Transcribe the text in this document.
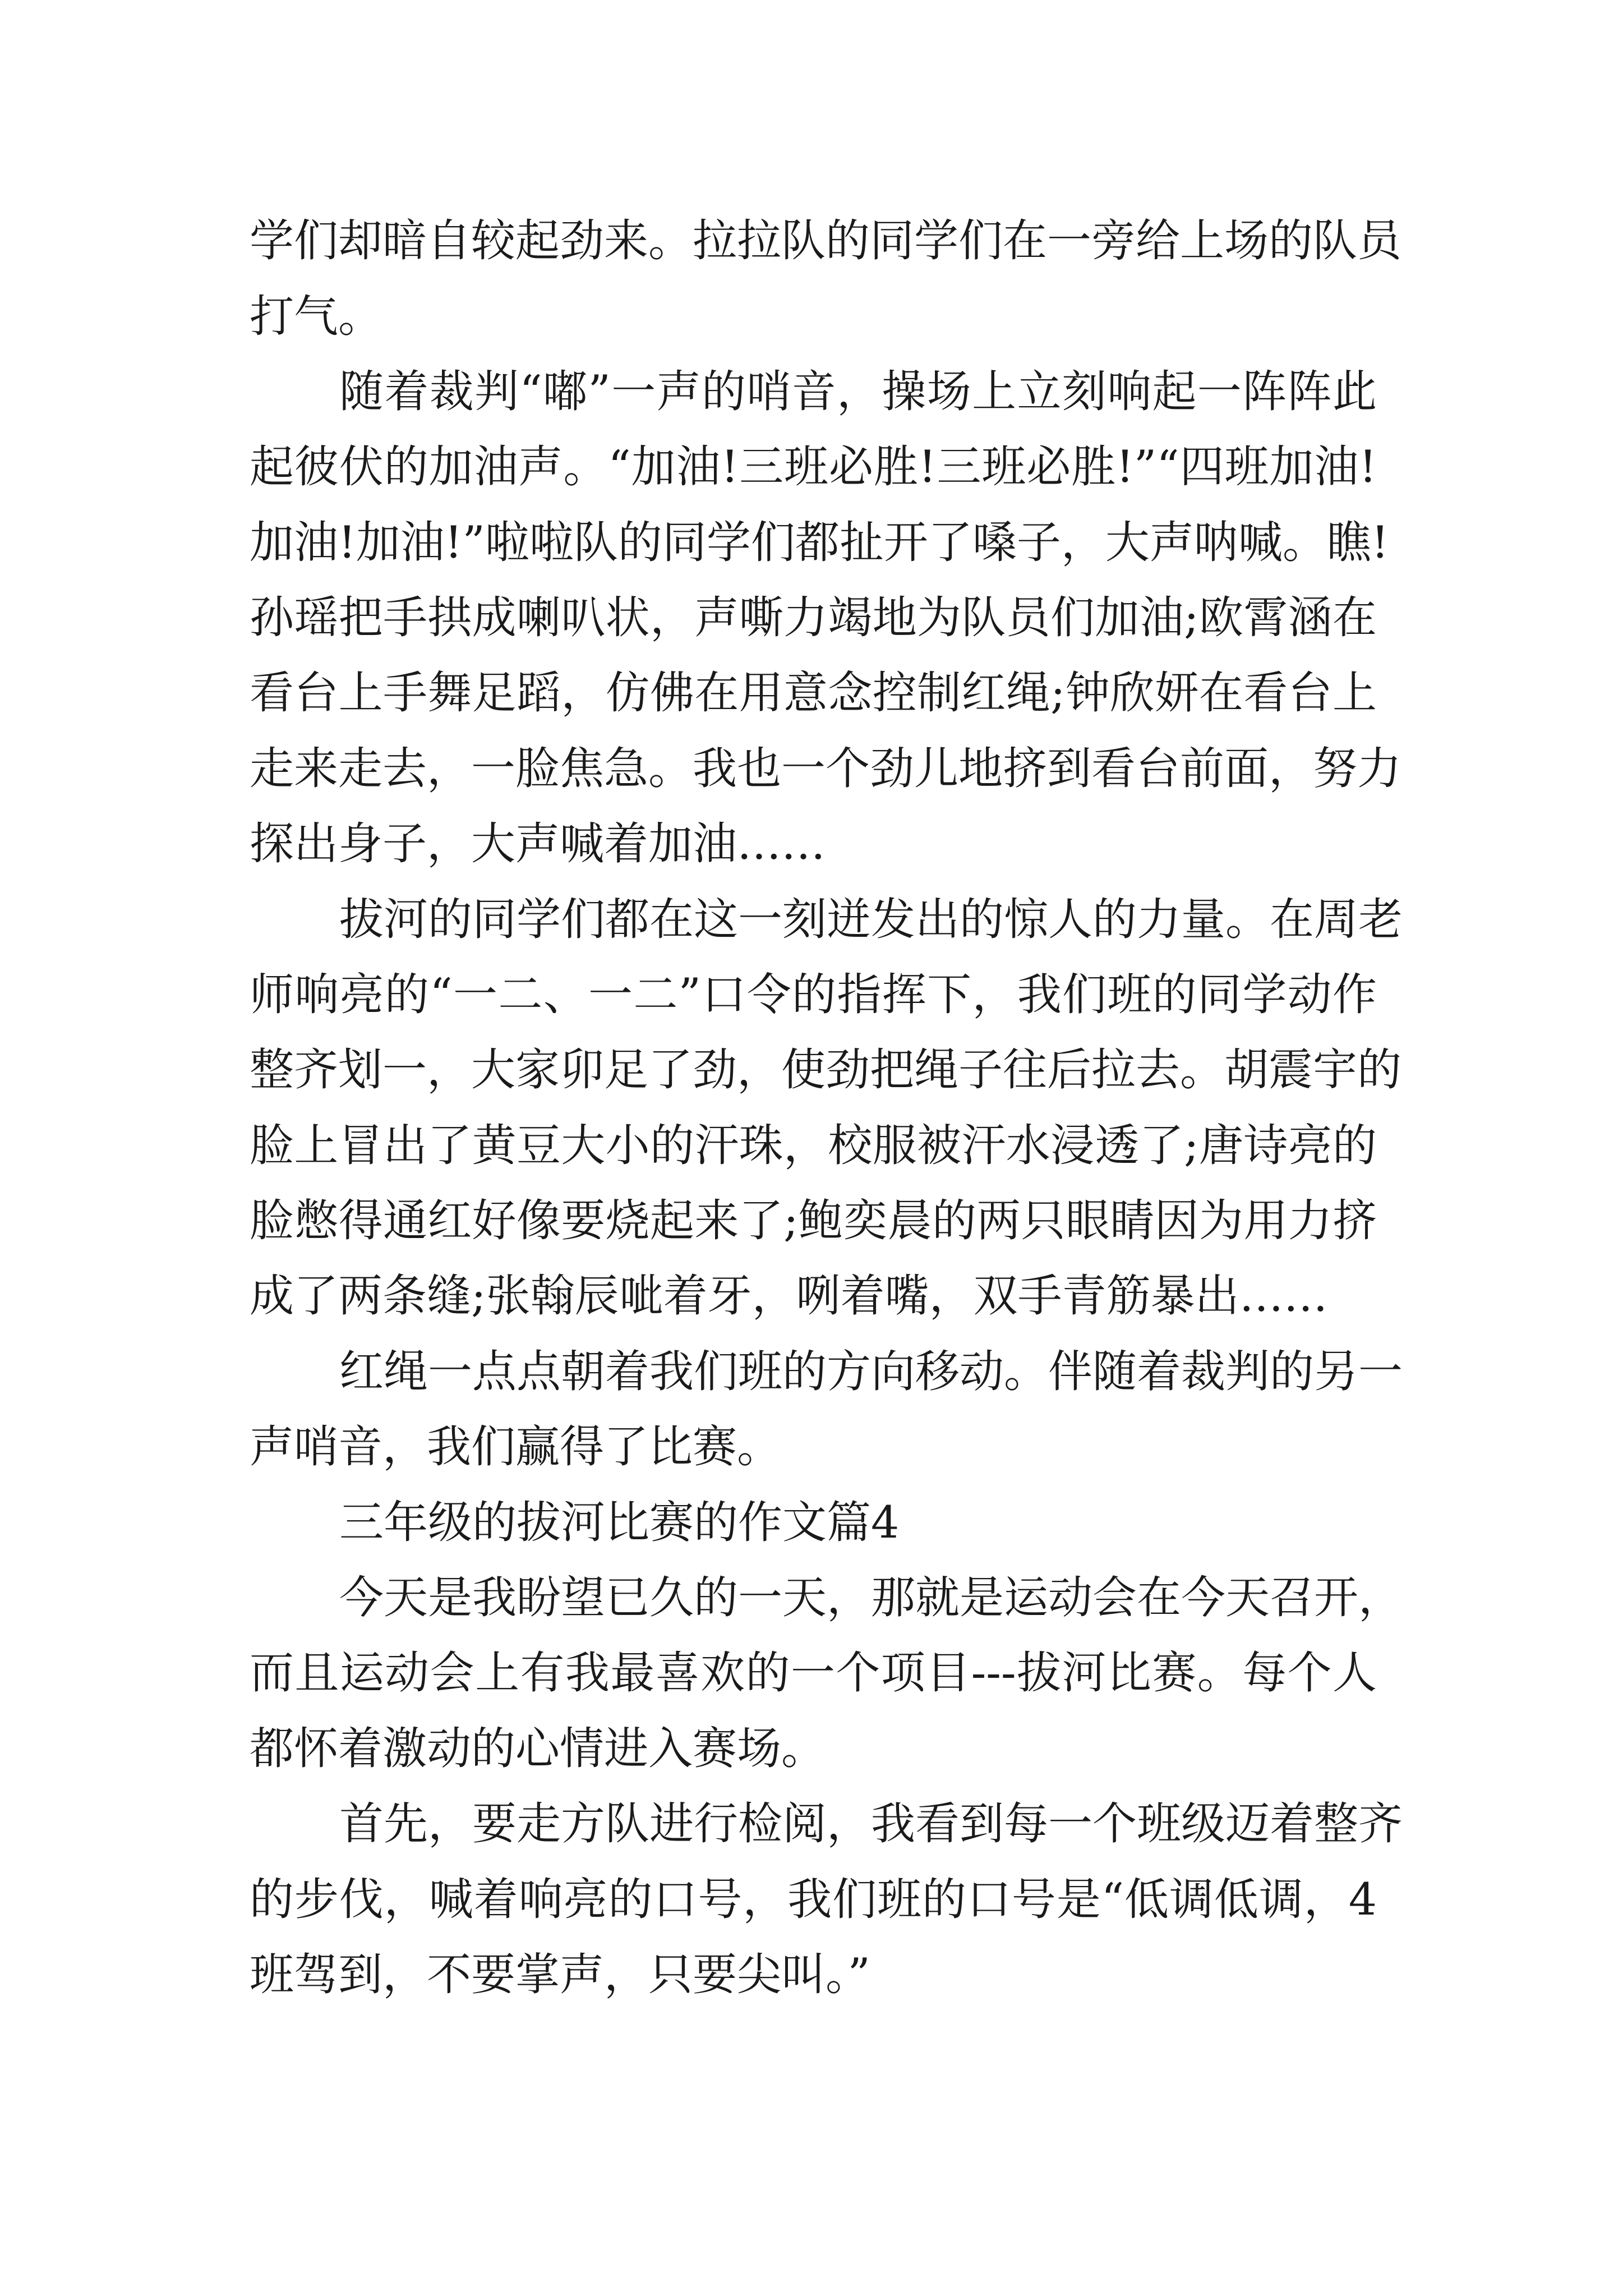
学们却暗自较起劲来。拉拉队的同学们在一旁给上场的队员
打气。
随着裁判“嘟”一声的哨音，操场上立刻响起一阵阵此
起彼伏的加油声。“加油!三班必胜!三班必胜!”“四班加油!
加油!加油!”啦啦队的同学们都扯开了嗓子，大声呐喊。瞧!
孙瑶把手拱成喇叭状，声嘶力竭地为队员们加油;欧霄涵在
看台上手舞足蹈，仿佛在用意念控制红绳;钟欣妍在看台上
走来走去，一脸焦急。我也一个劲儿地挤到看台前面，努力
探出身子，大声喊着加油……
拔河的同学们都在这一刻迸发出的惊人的力量。在周老
师响亮的“一二、一二”口令的指挥下，我们班的同学动作
整齐划一，大家卯足了劲，使劲把绳子往后拉去。胡震宇的
脸上冒出了黄豆大小的汗珠，校服被汗水浸透了;唐诗亮的
脸憋得通红好像要烧起来了;鲍奕晨的两只眼睛因为用力挤
成了两条缝;张翰辰呲着牙，咧着嘴，双手青筋暴出……
红绳一点点朝着我们班的方向移动。伴随着裁判的另一
声哨音，我们赢得了比赛。
三年级的拔河比赛的作文篇4
今天是我盼望已久的一天，那就是运动会在今天召开，
而且运动会上有我最喜欢的一个项目---拔河比赛。每个人
都怀着激动的心情进入赛场。
首先，要走方队进行检阅，我看到每一个班级迈着整齐
的步伐，喊着响亮的口号，我们班的口号是“低调低调，4
班驾到，不要掌声，只要尖叫。”
